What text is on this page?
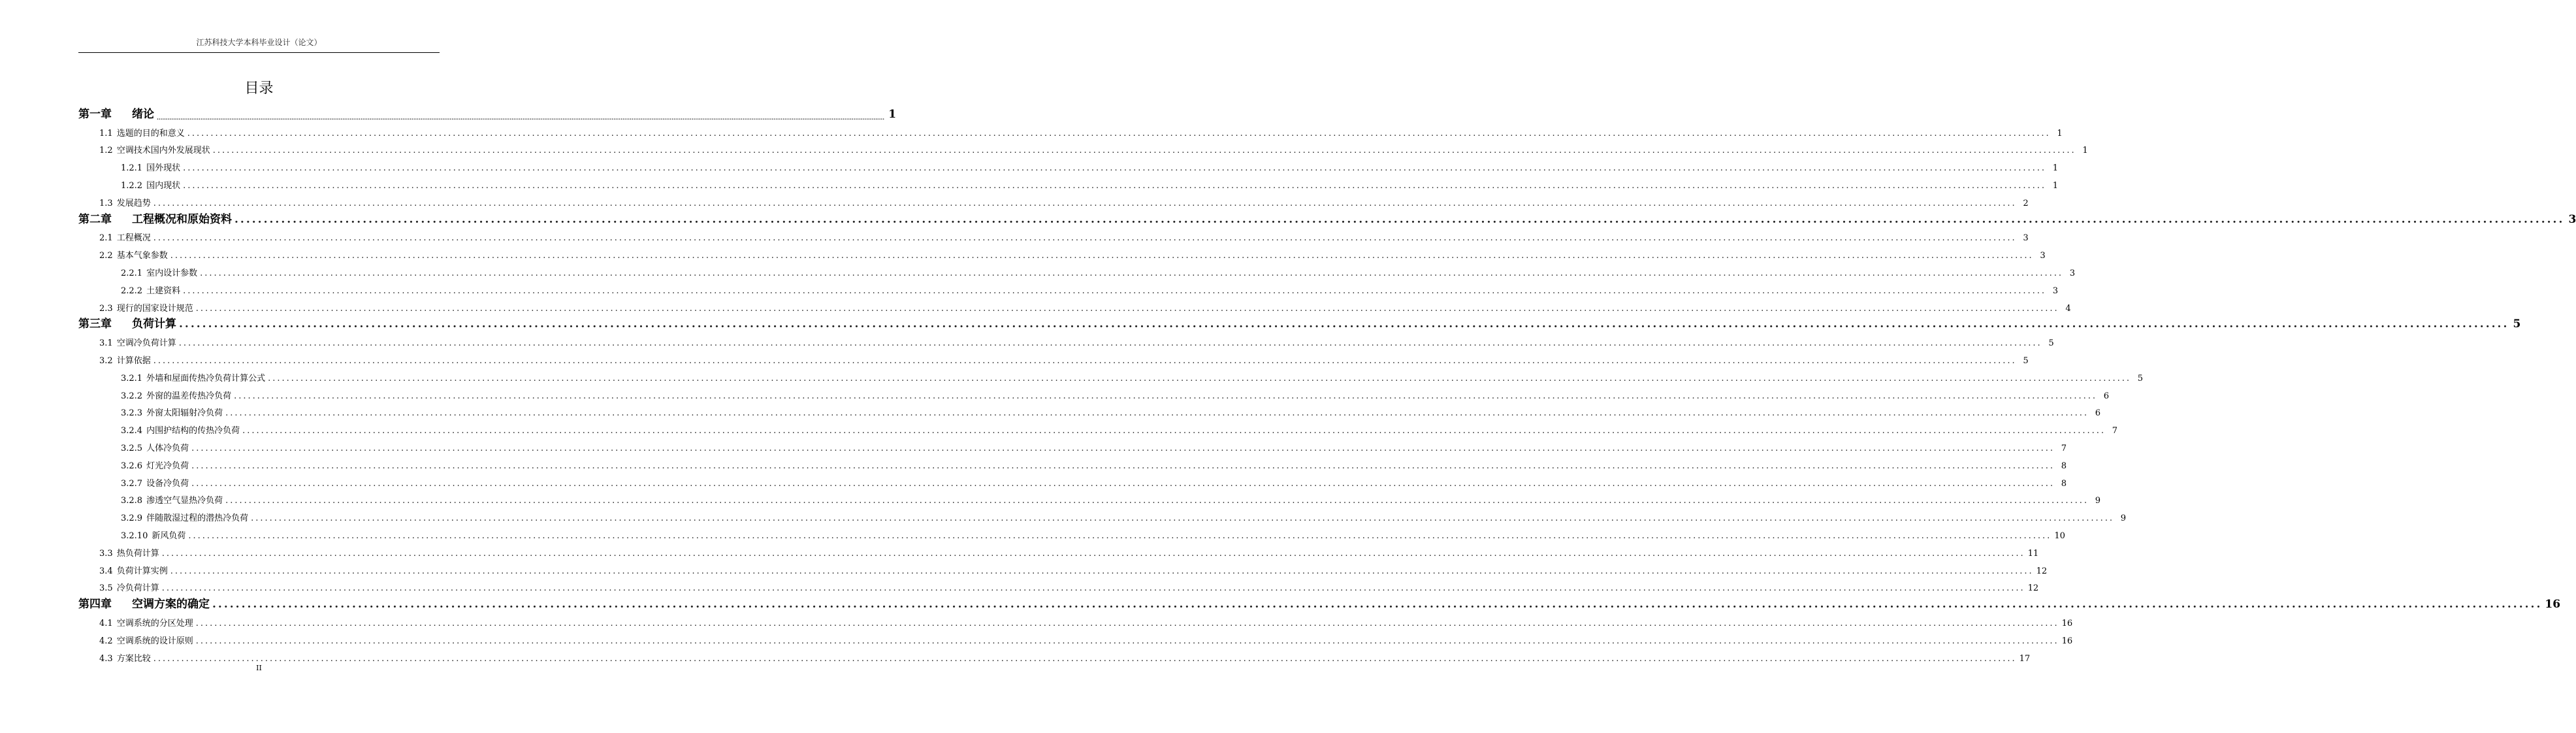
江苏科技大学本科毕业设计（论文）
目录
第一章 绪论 ................................................................................................................................................................................................................................................................................................................................................................................................................ 1
1.1 选题的目的和意义 ................................................................................................................................................................................................................................................................................................................................................................................................................ 1
1.2 空调技术国内外发展现状 ................................................................................................................................................................................................................................................................................................................................................................................................................ 1
1.2.1 国外现状 ................................................................................................................................................................................................................................................................................................................................................................................................................ 1
1.2.2 国内现状 ................................................................................................................................................................................................................................................................................................................................................................................................................ 1
1.3 发展趋势 ................................................................................................................................................................................................................................................................................................................................................................................................................ 2
第二章 工程概况和原始资料 ................................................................................................................................................................................................................................................................................................................................................................................................................ 3
2.1 工程概况 ................................................................................................................................................................................................................................................................................................................................................................................................................ 3
2.2 基本气象参数 ................................................................................................................................................................................................................................................................................................................................................................................................................ 3
2.2.1 室内设计参数 ................................................................................................................................................................................................................................................................................................................................................................................................................ 3
2.2.2 土建资料 ................................................................................................................................................................................................................................................................................................................................................................................................................ 3
2.3 现行的国家设计规范 ................................................................................................................................................................................................................................................................................................................................................................................................................ 4
第三章 负荷计算 ................................................................................................................................................................................................................................................................................................................................................................................................................ 5
3.1 空调冷负荷计算 ................................................................................................................................................................................................................................................................................................................................................................................................................ 5
3.2 计算依据 ................................................................................................................................................................................................................................................................................................................................................................................................................ 5
3.2.1 外墙和屋面传热冷负荷计算公式 ................................................................................................................................................................................................................................................................................................................................................................................................................ 5
3.2.2 外窗的温差传热冷负荷 ................................................................................................................................................................................................................................................................................................................................................................................................................ 6
3.2.3 外窗太阳辐射冷负荷 ................................................................................................................................................................................................................................................................................................................................................................................................................ 6
3.2.4 内围护结构的传热冷负荷 ................................................................................................................................................................................................................................................................................................................................................................................................................ 7
3.2.5 人体冷负荷 ................................................................................................................................................................................................................................................................................................................................................................................................................ 7
3.2.6 灯光冷负荷 ................................................................................................................................................................................................................................................................................................................................................................................................................ 8
3.2.7 设备冷负荷 ................................................................................................................................................................................................................................................................................................................................................................................................................ 8
3.2.8 渗透空气显热冷负荷 ................................................................................................................................................................................................................................................................................................................................................................................................................ 9
3.2.9 伴随散湿过程的潜热冷负荷 ................................................................................................................................................................................................................................................................................................................................................................................................................ 9
3.2.10 新风负荷 ................................................................................................................................................................................................................................................................................................................................................................................................................ 10
3.3 热负荷计算 ................................................................................................................................................................................................................................................................................................................................................................................................................ 11
3.4 负荷计算实例 ................................................................................................................................................................................................................................................................................................................................................................................................................ 12
3.5 冷负荷计算 ................................................................................................................................................................................................................................................................................................................................................................................................................ 12
第四章 空调方案的确定 ................................................................................................................................................................................................................................................................................................................................................................................................................ 16
4.1 空调系统的分区处理 ................................................................................................................................................................................................................................................................................................................................................................................................................ 16
4.2 空调系统的设计原则 ................................................................................................................................................................................................................................................................................................................................................................................................................ 16
4.3 方案比较 ................................................................................................................................................................................................................................................................................................................................................................................................................ 17
II
